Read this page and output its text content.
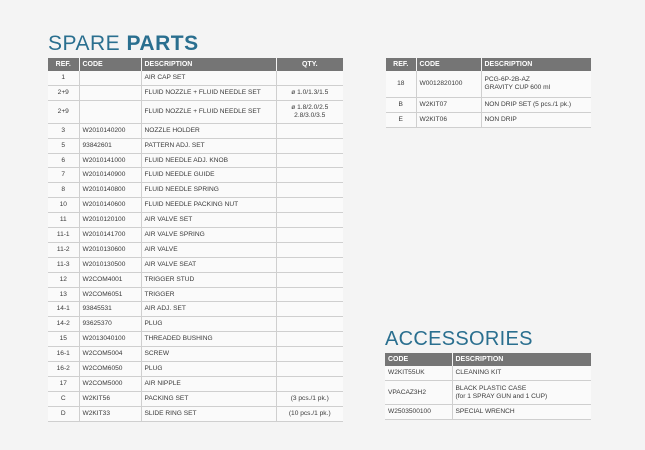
SPARE PARTS
REF.	CODE	DESCRIPTION	QTY.
1		AIR CAP SET	
2+9		FLUID NOZZLE + FLUID NEEDLE SET	ø 1.0/1.3/1.5
2+9		FLUID NOZZLE + FLUID NEEDLE SET	ø 1.8/2.0/2.5
2.8/3.0/3.5
3	W2010140200	NOZZLE HOLDER	
5	93842601	PATTERN ADJ. SET	
6	W2010141000	FLUID NEEDLE ADJ. KNOB	
7	W2010140900	FLUID NEEDLE GUIDE	
8	W2010140800	FLUID NEEDLE SPRING	
10	W2010140600	FLUID NEEDLE PACKING NUT	
11	W2010120100	AIR VALVE SET	
11-1	W2010141700	AIR VALVE SPRING	
11-2	W2010130600	AIR VALVE	
11-3	W2010130500	AIR VALVE SEAT	
12	W2COM4001	TRIGGER STUD	
13	W2COM6051	TRIGGER	
14-1	93845531	AIR ADJ. SET	
14-2	93625370	PLUG	
15	W2013040100	THREADED BUSHING	
16-1	W2COM5004	SCREW	
16-2	W2COM6050	PLUG	
17	W2COM5000	AIR NIPPLE	
C	W2KIT56	PACKING SET	(3 pcs./1 pk.)
D	W2KIT33	SLIDE RING SET	(10 pcs./1 pk.)
REF.	CODE	DESCRIPTION
18	W0012820100	PCG-6P-2B-AZ
GRAVITY CUP 600 ml
B	W2KIT07	NON DRIP SET (5 pcs./1 pk.)
E	W2KIT06	NON DRIP
ACCESSORIES
CODE	DESCRIPTION
W2KIT55UK	CLEANING KIT
VPACAZ3H2	BLACK PLASTIC CASE
(for 1 SPRAY GUN and 1 CUP)
W2503500100	SPECIAL WRENCH
